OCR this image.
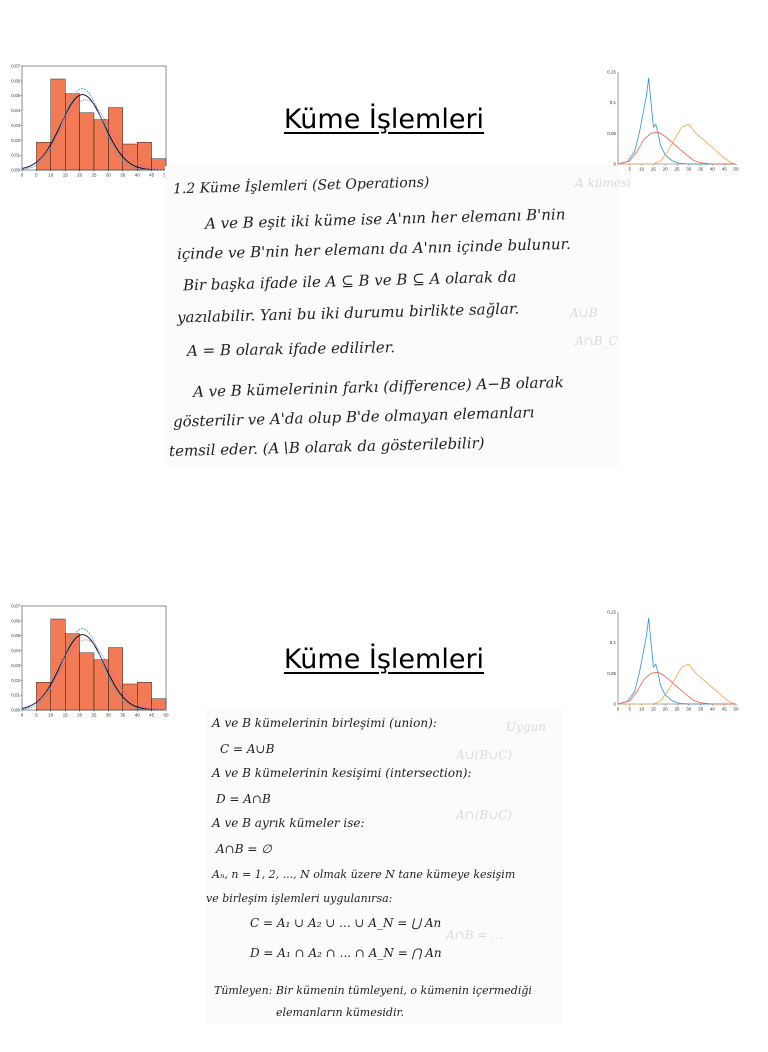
0,07
0,06
0,05
0,04
0,03
0,02
0,01
0,00
0	5 10 15 20 25 30 35 40 45
Küme İşlemleri
0,15
0,1
0,05
0
5 10 15 20 25 30 35 40 45 50
A kümesi
A∪B
A∩B_C
1.2 Küme İşlemleri (Set Operations)
A ve B eşit iki küme ise A'nın her elemanı B'nin
içinde ve B'nin her elemanı da A'nın içinde bulunur.
Bir başka ifade ile A ⊆ B ve B ⊆ A olarak da
yazılabilir. Yani bu iki durumu birlikte sağlar.
A = B olarak ifade edilirler.
A ve B kümelerinin farkı (difference) A−B olarak
gösterilir ve A'da olup B'de olmayan elemanları
temsil eder. (A∖B olarak da gösterilebilir)
0,07
0,06
0,05
0,04
0,03
0,02
0,01
0,00
0	5 10 15 20 25 30 35 40 45 50
Küme İşlemleri
0,15
0,1
0,05
0
0 5 10 15 20 25 30 35 40 45 50
Uygun
A∪(B∪C)
A∩(B∪C)
A∩B = ...
A ve B kümelerinin birleşimi (union):
C = A∪B
A ve B kümelerinin kesişimi (intersection):
D = A∩B
A ve B ayrık kümeler ise:
A∩B = ∅
Aₙ, n = 1, 2, ..., N olmak üzere N tane kümeye kesişim
ve birleşim işlemleri uygulanırsa:
C = A₁ ∪ A₂ ∪ ... ∪ A_N = ⋃ An
D = A₁ ∩ A₂ ∩ ... ∩ A_N = ⋂ An
Tümleyen: Bir kümenin tümleyeni, o kümenin içermediği
elemanların kümesidir.
